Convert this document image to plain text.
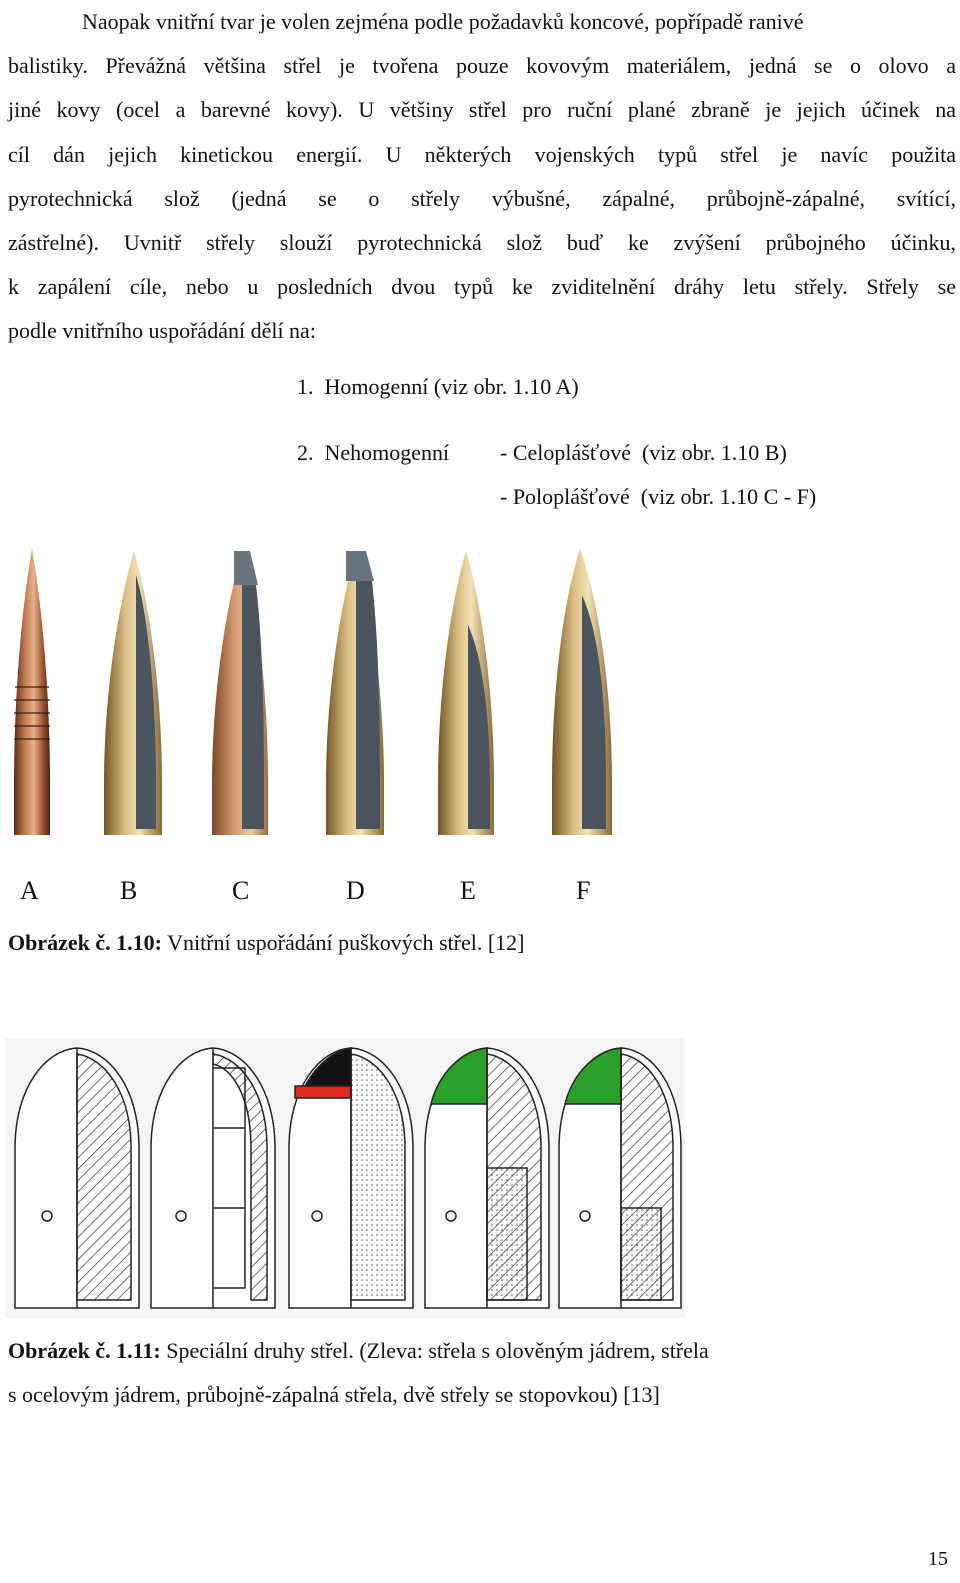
Naopak vnitřní tvar je volen zejména podle požadavků koncové, popřípadě ranivé
balistiky. Převážná většina střel je tvořena pouze kovovým materiálem, jedná se o olovo a
jiné kovy (ocel a barevné kovy). U většiny střel pro ruční plané zbraně je jejich účinek na
cíl dán jejich kinetickou energií. U některých vojenských typů střel je navíc použita
pyrotechnická slož (jedná se o střely výbušné, zápalné, průbojně-zápalné, svítící,
zástřelné). Uvnitř střely slouží pyrotechnická slož buď ke zvýšení průbojného účinku,
k zapálení cíle, nebo u posledních dvou typů ke zviditelnění dráhy letu střely. Střely se
podle vnitřního uspořádání dělí na:
1.  Homogenní (viz obr. 1.10 A)
2.  Nehomogenní - Celoplášťové  (viz obr. 1.10 B)
- Poloplášťové  (viz obr. 1.10 C - F)
A	B	C	D	E	F
Obrázek č. 1.10: Vnitřní uspořádání puškových střel. [12]
Obrázek č. 1.11: Speciální druhy střel. (Zleva: střela s olověným jádrem, střela
s ocelovým jádrem, průbojně-zápalná střela, dvě střely se stopovkou) [13]
15
